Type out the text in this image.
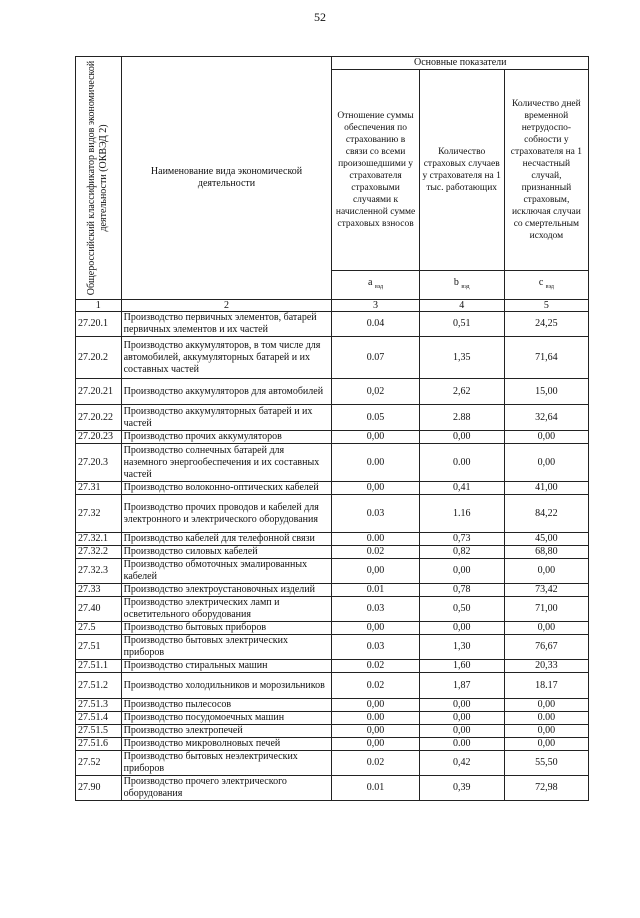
52
Общероссийский классификатор видов экономической деятельности (ОКВЭД 2)	Наименование вида экономической деятельности	Основные показатели		
		Отношение суммы обеспечения по страхованию в связи со всеми произошедшими у страхователя страховыми случаями к начисленной сумме страховых взносов	Количество страховых случаев у страхователя на 1 тыс. работающих	Количество дней временной нетрудоспо-собности у страхователя на 1 несчастный случай, признанный страховым, исключая случаи со смертельным исходом
		a $_{вэд}$	b $_{вэд}$	c $_{вэд}$
1	2	3	4	5
27.20.1	Производство первичных элементов, батарей первичных элементов и их частей	0.04	0,51	24,25
27.20.2	Производство аккумуляторов, в том числе для автомобилей, аккумуляторных батарей и их составных частей	0.07	1,35	71,64
27.20.21	Производство аккумуляторов для автомобилей	0,02	2,62	15,00
27.20.22	Производство аккумуляторных батарей и их частей	0.05	2.88	32,64
27.20.23	Производство прочих аккумуляторов	0,00	0,00	0,00
27.20.3	Производство солнечных батарей для наземного энергообеспечения и их составных частей	0.00	0.00	0,00
27.31	Производство волоконно-оптических кабелей	0,00	0,41	41,00
27.32	Производство прочих проводов и кабелей для электронного и электрического оборудования	0.03	1.16	84,22
27.32.1	Производство кабелей для телефонной связи	0.00	0,73	45,00
27.32.2	Производство силовых кабелей	0.02	0,82	68,80
27.32.3	Производство обмоточных эмалированных кабелей	0,00	0,00	0,00
27.33	Производство электроустановочных изделий	0.01	0,78	73,42
27.40	Производство электрических ламп и осветительного оборудования	0.03	0,50	71,00
27.5	Производство бытовых приборов	0,00	0,00	0,00
27.51	Производство бытовых электрических приборов	0.03	1,30	76,67
27.51.1	Производство стиральных машин	0.02	1,60	20,33
27.51.2	Производство холодильников и морозильников	0.02	1,87	18.17
27.51.3	Производство пылесосов	0,00	0,00	0,00
27.51.4	Производство посудомоечных машин	0.00	0,00	0.00
27.51.5	Производство электропечей	0,00	0,00	0,00
27.51.6	Производство микроволновых печей	0,00	0.00	0,00
27.52	Производство бытовых неэлектрических приборов	0.02	0,42	55,50
27.90	Производство прочего электрического оборудования	0.01	0,39	72,98
